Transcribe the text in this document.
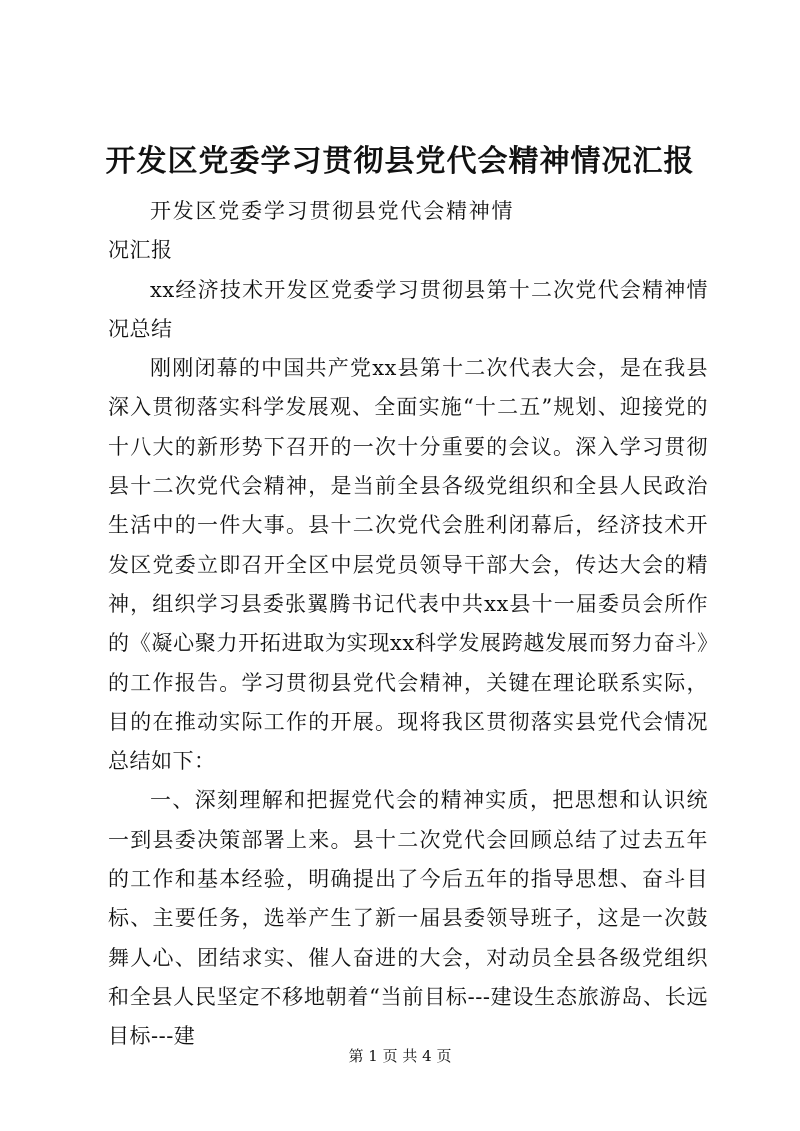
开发区党委学习贯彻县党代会精神情况汇报

开发区党委学习贯彻县党代会精神情况汇报

xx经济技术开发区党委学习贯彻县第十二次党代会精神情况总结

刚刚闭幕的中国共产党xx县第十二次代表大会，是在我县深入贯彻落实科学发展观、全面实施“十二五”规划、迎接党的十八大的新形势下召开的一次十分重要的会议。深入学习贯彻县十二次党代会精神，是当前全县各级党组织和全县人民政治生活中的一件大事。县十二次党代会胜利闭幕后，经济技术开发区党委立即召开全区中层党员领导干部大会，传达大会的精神，组织学习县委张翼腾书记代表中共xx县十一届委员会所作的《凝心聚力开拓进取为实现xx科学发展跨越发展而努力奋斗》的工作报告。学习贯彻县党代会精神，关键在理论联系实际，目的在推动实际工作的开展。现将我区贯彻落实县党代会情况总结如下：

一、深刻理解和把握党代会的精神实质，把思想和认识统一到县委决策部署上来。县十二次党代会回顾总结了过去五年的工作和基本经验，明确提出了今后五年的指导思想、奋斗目标、主要任务，选举产生了新一届县委领导班子，这是一次鼓舞人心、团结求实、催人奋进的大会，对动员全县各级党组织和全县人民坚定不移地朝着“当前目标---建设生态旅游岛、长远目标---建

第 1 页 共 4 页
